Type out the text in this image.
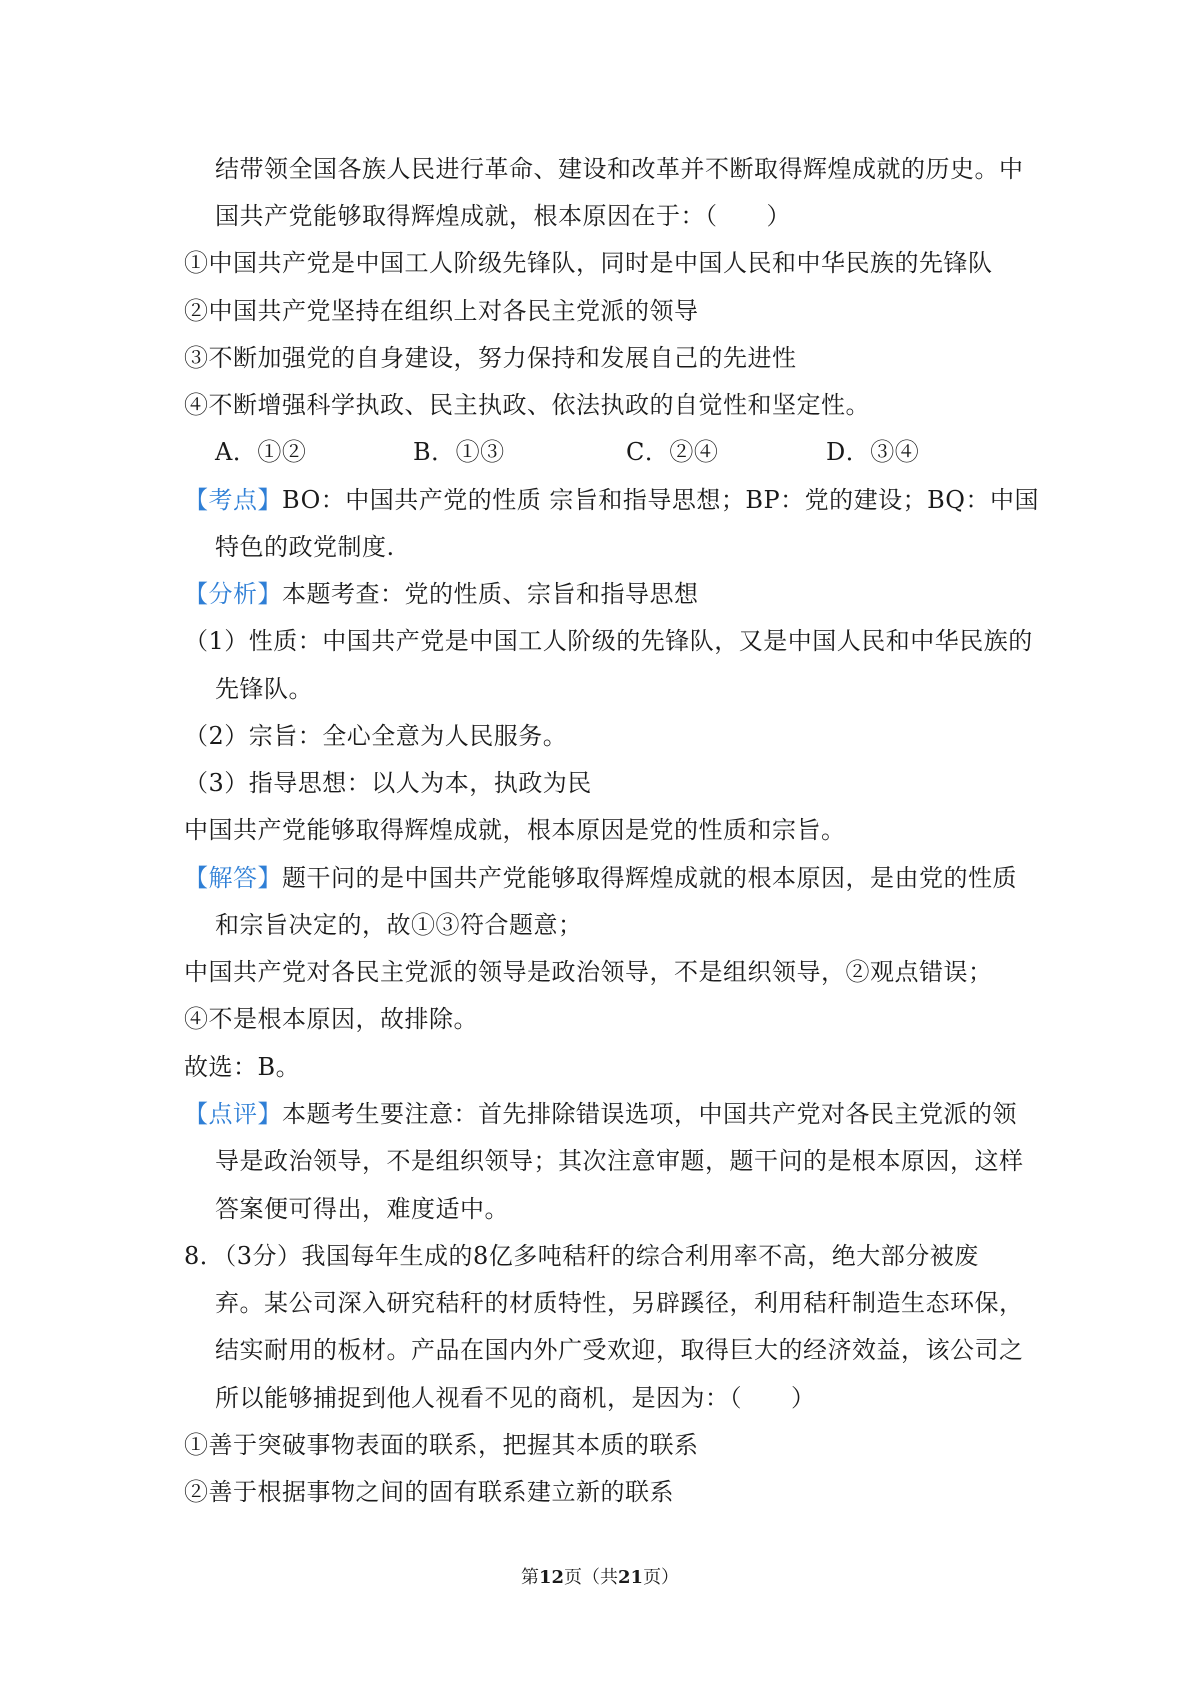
结带领全国各族人民进行革命、建设和改革并不断取得辉煌成就的历史。中
国共产党能够取得辉煌成就，根本原因在于：（　　）
①中国共产党是中国工人阶级先锋队，同时是中国人民和中华民族的先锋队
②中国共产党坚持在组织上对各民主党派的领导
③不断加强党的自身建设，努力保持和发展自己的先进性
④不断增强科学执政、民主执政、依法执政的自觉性和坚定性。
A．①②	B．①③	C．②④	D．③④
【考点】BO：中国共产党的性质 宗旨和指导思想；BP：党的建设；BQ：中国
特色的政党制度.
【分析】本题考查：党的性质、宗旨和指导思想
（1）性质：中国共产党是中国工人阶级的先锋队，又是中国人民和中华民族的
先锋队。
（2）宗旨：全心全意为人民服务。
（3）指导思想：以人为本，执政为民
中国共产党能够取得辉煌成就，根本原因是党的性质和宗旨。
【解答】题干问的是中国共产党能够取得辉煌成就的根本原因，是由党的性质
和宗旨决定的，故①③符合题意；
中国共产党对各民主党派的领导是政治领导，不是组织领导，②观点错误；
④不是根本原因，故排除。
故选：B。
【点评】本题考生要注意：首先排除错误选项，中国共产党对各民主党派的领
导是政治领导，不是组织领导；其次注意审题，题干问的是根本原因，这样
答案便可得出，难度适中。
8．（3分）我国每年生成的8亿多吨秸秆的综合利用率不高，绝大部分被废
弃。某公司深入研究秸秆的材质特性，另辟蹊径，利用秸秆制造生态环保，
结实耐用的板材。产品在国内外广受欢迎，取得巨大的经济效益，该公司之
所以能够捕捉到他人视看不见的商机，是因为：（　　）
①善于突破事物表面的联系，把握其本质的联系
②善于根据事物之间的固有联系建立新的联系
第12页（共21页）
